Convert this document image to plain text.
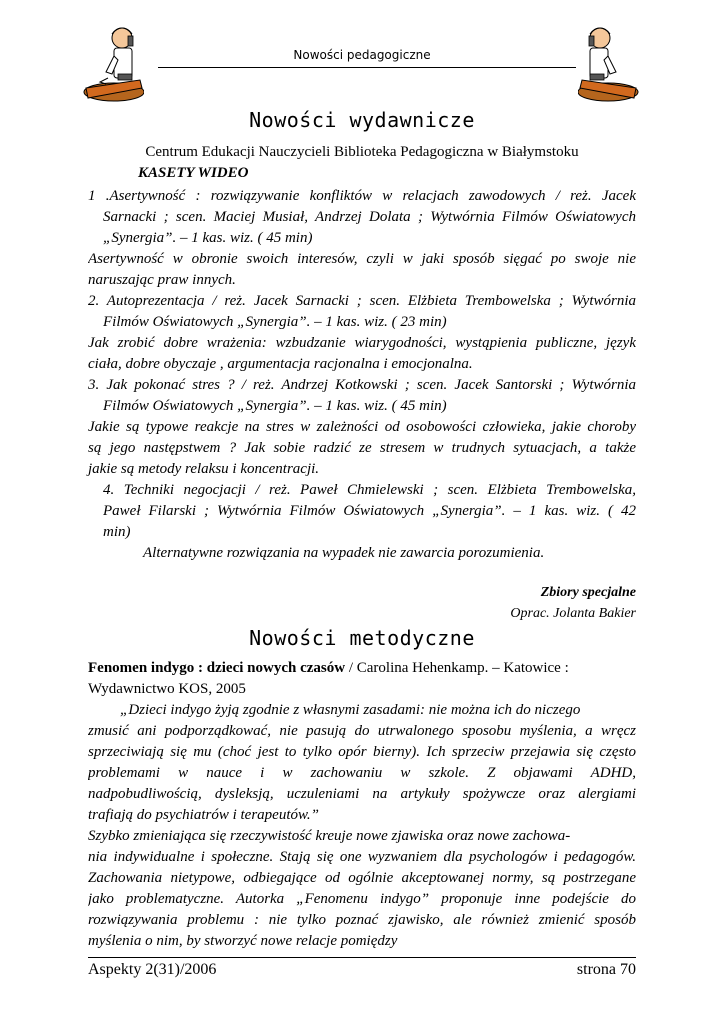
Nowości pedagogiczne
Nowości wydawnicze
Centrum Edukacji Nauczycieli Biblioteka Pedagogiczna w Białymstoku
KASETY WIDEO
1 .Asertywność : rozwiązywanie konfliktów w relacjach zawodowych / reż. Jacek
Sarnacki ; scen. Maciej Musiał, Andrzej Dolata ; Wytwórnia Filmów Oświatowych
„Synergia”. – 1 kas. wiz. ( 45 min)
Asertywność w obronie swoich interesów, czyli w jaki sposób sięgać po swoje nie
naruszając praw innych.
2. Autoprezentacja / reż. Jacek Sarnacki ; scen. Elżbieta Trembowelska ; Wytwórnia
Filmów Oświatowych „Synergia”. – 1 kas. wiz. ( 23 min)
Jak zrobić dobre wrażenia: wzbudzanie wiarygodności, wystąpienia publiczne, język
ciała, dobre obyczaje , argumentacja racjonalna i emocjonalna.
3. Jak pokonać stres ? / reż. Andrzej Kotkowski ; scen. Jacek Santorski ; Wytwórnia
Filmów Oświatowych „Synergia”. – 1 kas. wiz. ( 45 min)
Jakie są typowe reakcje na stres w zależności od osobowości człowieka, jakie choroby
są jego następstwem ? Jak sobie radzić ze stresem w trudnych sytuacjach, a także
jakie są metody relaksu i koncentracji.
4. Techniki negocjacji / reż. Paweł Chmielewski ; scen. Elżbieta Trembowelska,
Paweł Filarski ; Wytwórnia Filmów Oświatowych „Synergia”. – 1 kas. wiz. ( 42
min)
Alternatywne rozwiązania na wypadek nie zawarcia porozumienia.
Zbiory specjalne
Oprac. Jolanta Bakier
Nowości metodyczne
Fenomen indygo : dzieci nowych czasów / Carolina Hehenkamp. – Katowice :
Wydawnictwo KOS, 2005
„Dzieci indygo żyją zgodnie z własnymi zasadami: nie można ich do niczego
zmusić ani podporządkować, nie pasują do utrwalonego sposobu myślenia, a wręcz
sprzeciwiają się mu (choć jest to tylko opór bierny). Ich sprzeciw przejawia się często
problemami w nauce i w zachowaniu w szkole. Z objawami ADHD,
nadpobudliwością, dysleksją, uczuleniami na artykuły spożywcze oraz alergiami
trafiają do psychiatrów i terapeutów.”
Szybko zmieniająca się rzeczywistość kreuje nowe zjawiska oraz nowe zachowa-
nia indywidualne i społeczne. Stają się one wyzwaniem dla psychologów i pedagogów.
Zachowania nietypowe, odbiegające od ogólnie akceptowanej normy, są postrzegane
jako problematyczne. Autorka „Fenomenu indygo” proponuje inne podejście do
rozwiązywania problemu : nie tylko poznać zjawisko, ale również zmienić sposób
myślenia o nim, by stworzyć nowe relacje pomiędzy
Aspekty 2(31)/2006	strona 70
